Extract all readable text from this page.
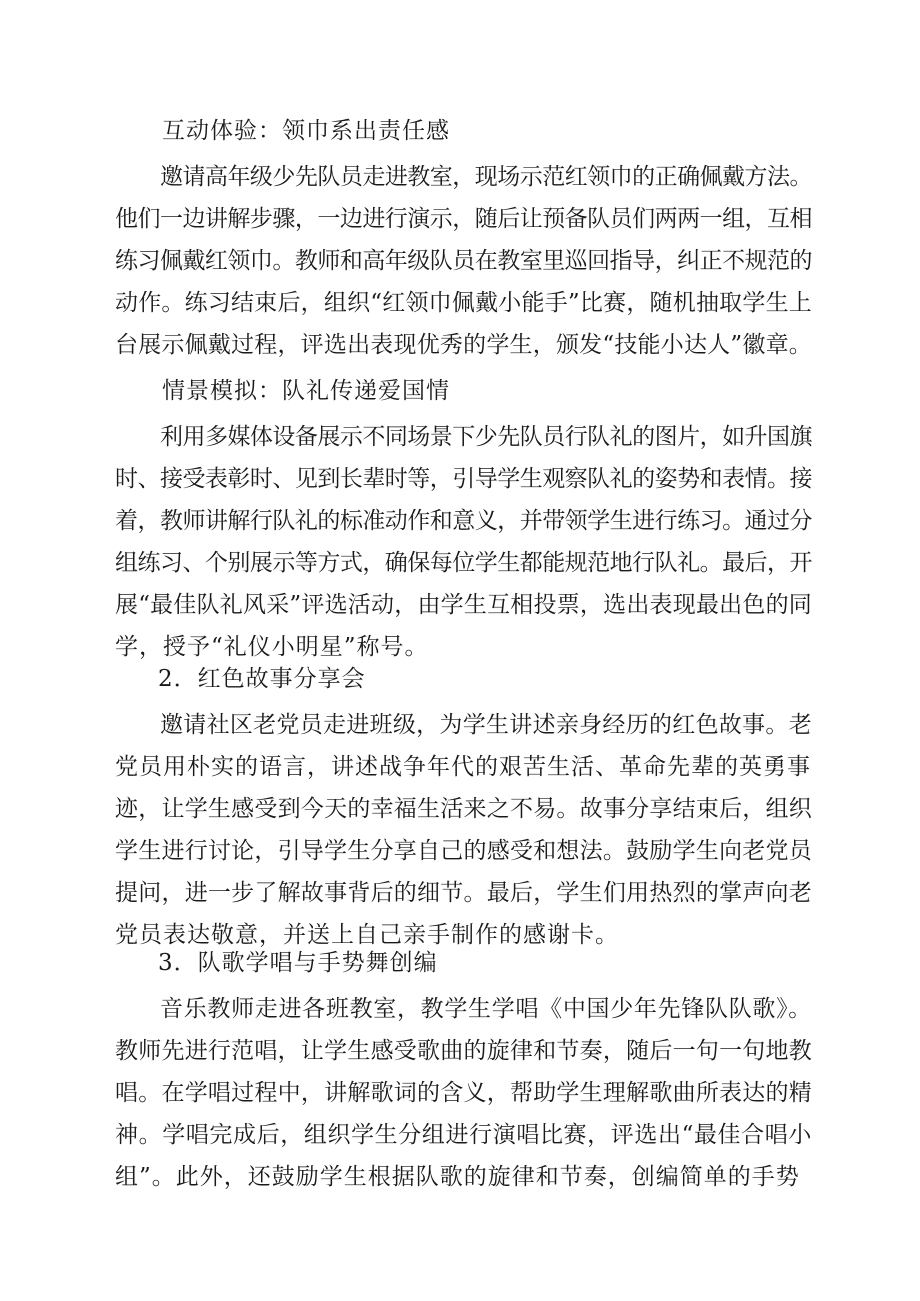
互动体验：领巾系出责任感
邀请高年级少先队员走进教室，现场示范红领巾的正确佩戴方法。
他们一边讲解步骤，一边进行演示，随后让预备队员们两两一组，互相
练习佩戴红领巾。教师和高年级队员在教室里巡回指导，纠正不规范的
动作。练习结束后，组织“红领巾佩戴小能手”比赛，随机抽取学生上
台展示佩戴过程，评选出表现优秀的学生，颁发“技能小达人”徽章。
情景模拟：队礼传递爱国情
利用多媒体设备展示不同场景下少先队员行队礼的图片，如升国旗
时、接受表彰时、见到长辈时等，引导学生观察队礼的姿势和表情。接
着，教师讲解行队礼的标准动作和意义，并带领学生进行练习。通过分
组练习、个别展示等方式，确保每位学生都能规范地行队礼。最后，开
展“最佳队礼风采”评选活动，由学生互相投票，选出表现最出色的同
学，授予“礼仪小明星”称号。
2．红色故事分享会
邀请社区老党员走进班级，为学生讲述亲身经历的红色故事。老
党员用朴实的语言，讲述战争年代的艰苦生活、革命先辈的英勇事
迹，让学生感受到今天的幸福生活来之不易。故事分享结束后，组织
学生进行讨论，引导学生分享自己的感受和想法。鼓励学生向老党员
提问，进一步了解故事背后的细节。最后，学生们用热烈的掌声向老
党员表达敬意，并送上自己亲手制作的感谢卡。
3．队歌学唱与手势舞创编
音乐教师走进各班教室，教学生学唱《中国少年先锋队队歌》。
教师先进行范唱，让学生感受歌曲的旋律和节奏，随后一句一句地教
唱。在学唱过程中，讲解歌词的含义，帮助学生理解歌曲所表达的精
神。学唱完成后，组织学生分组进行演唱比赛，评选出“最佳合唱小
组”。此外，还鼓励学生根据队歌的旋律和节奏，创编简单的手势
